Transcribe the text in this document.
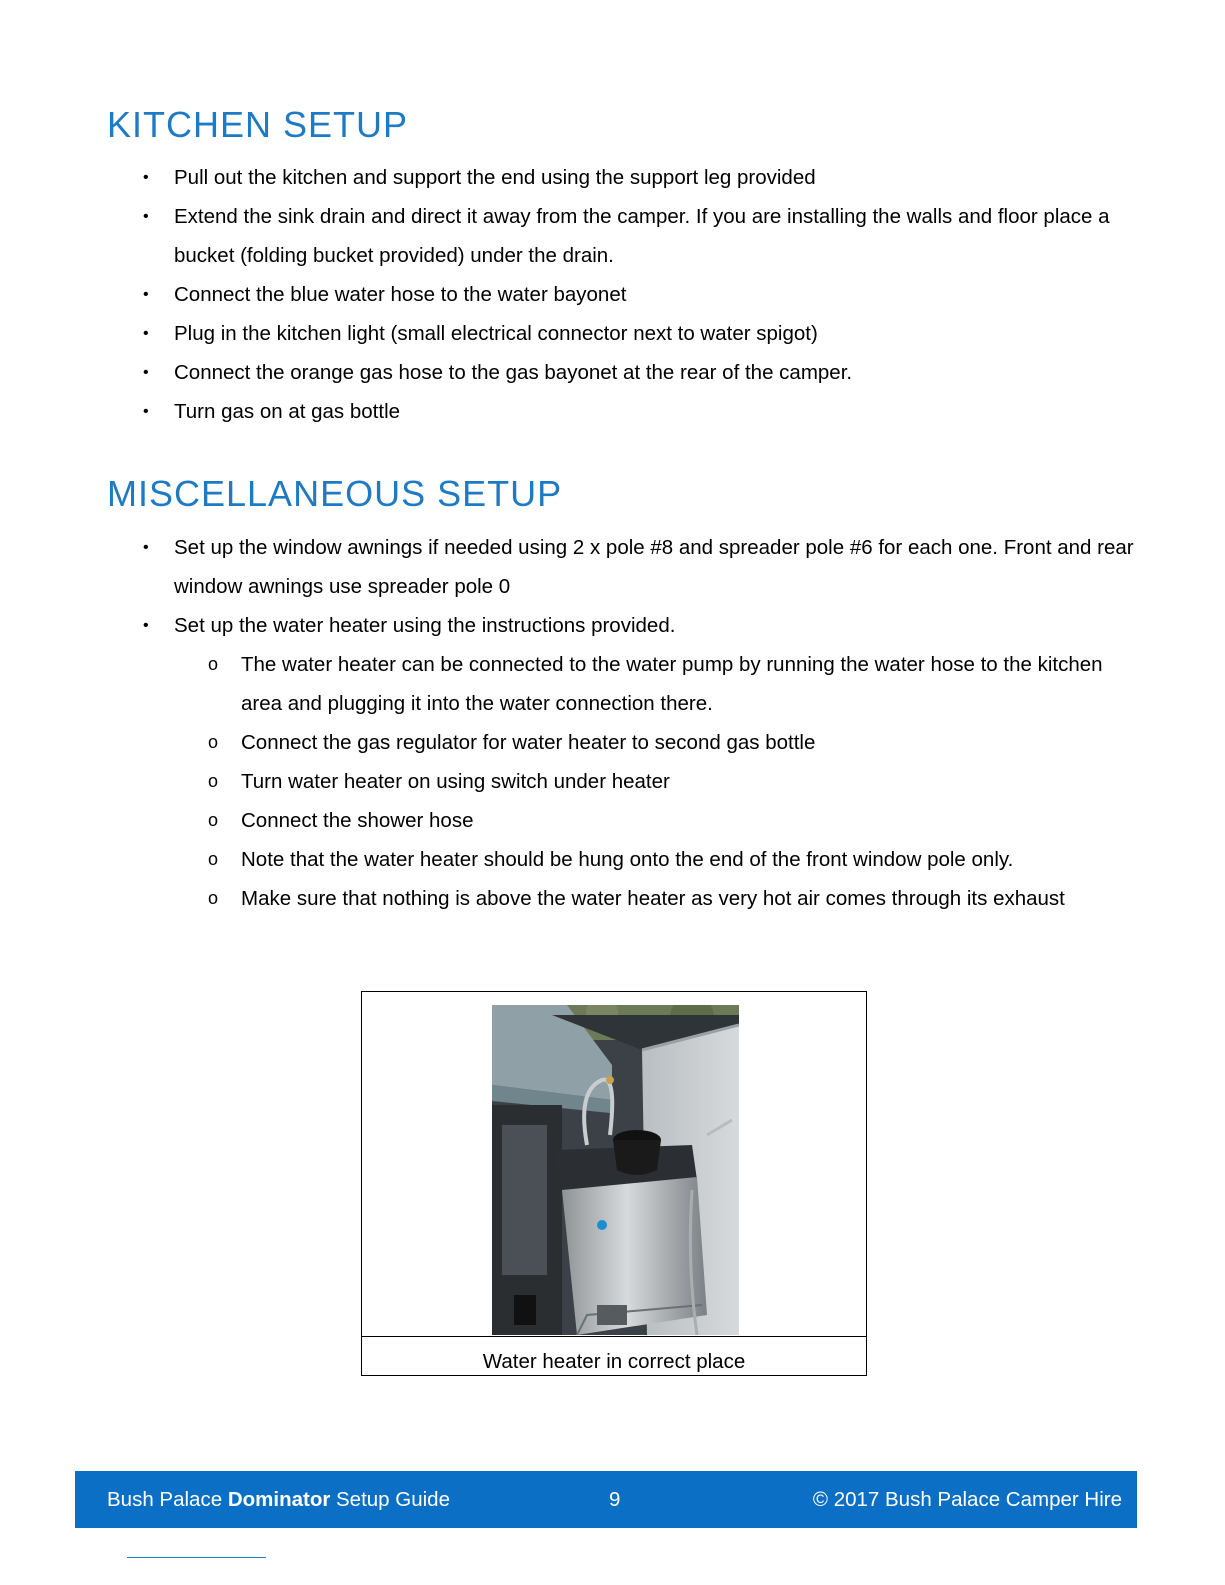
KITCHEN SETUP
• Pull out the kitchen and support the end using the support leg provided
• Extend the sink drain and direct it away from the camper. If you are installing the walls and floor place a bucket (folding bucket provided) under the drain.
• Connect the blue water hose to the water bayonet
• Plug in the kitchen light (small electrical connector next to water spigot)
• Connect the orange gas hose to the gas bayonet at the rear of the camper.
• Turn gas on at gas bottle
MISCELLANEOUS SETUP
• Set up the window awnings if needed using 2 x pole #8 and spreader pole #6 for each one. Front and rear window awnings use spreader pole 0
• Set up the water heater using the instructions provided.
o The water heater can be connected to the water pump by running the water hose to the kitchen area and plugging it into the water connection there.
o Connect the gas regulator for water heater to second gas bottle
o Turn water heater on using switch under heater
o Connect the shower hose
o Note that the water heater should be hung onto the end of the front window pole only.
o Make sure that nothing is above the water heater as very hot air comes through its exhaust
Water heater in correct place
Bush Palace Dominator Setup Guide	9	© 2017 Bush Palace Camper Hire
